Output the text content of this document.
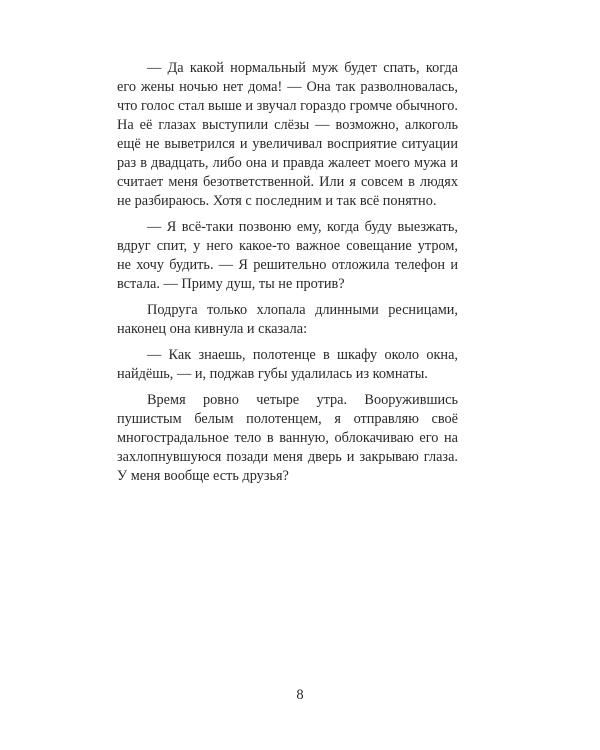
— Да какой нормальный муж будет спать, когда его жены ночью нет дома! — Она так разволновалась, что голос стал выше и звучал гораздо громче обычного. На её глазах выступили слёзы — возможно, алкоголь ещё не выветрился и увеличивал восприятие ситуации раз в двадцать, либо она и правда жалеет моего мужа и считает меня безответственной. Или я совсем в людях не разбираюсь. Хотя с последним и так всё понятно.

— Я всё-таки позвоню ему, когда буду выезжать, вдруг спит, у него какое-то важное совещание утром, не хочу будить. — Я решительно отложила телефон и встала. — Приму душ, ты не против?

Подруга только хлопала длинными ресницами, наконец она кивнула и сказала:

— Как знаешь, полотенце в шкафу около окна, найдёшь, — и, поджав губы удалилась из комнаты.

Время ровно четыре утра. Вооружившись пушистым белым полотенцем, я отправляю своё многострадальное тело в ванную, облокачиваю его на захлопнувшуюся позади меня дверь и закрываю глаза. У меня вообще есть друзья?

8
